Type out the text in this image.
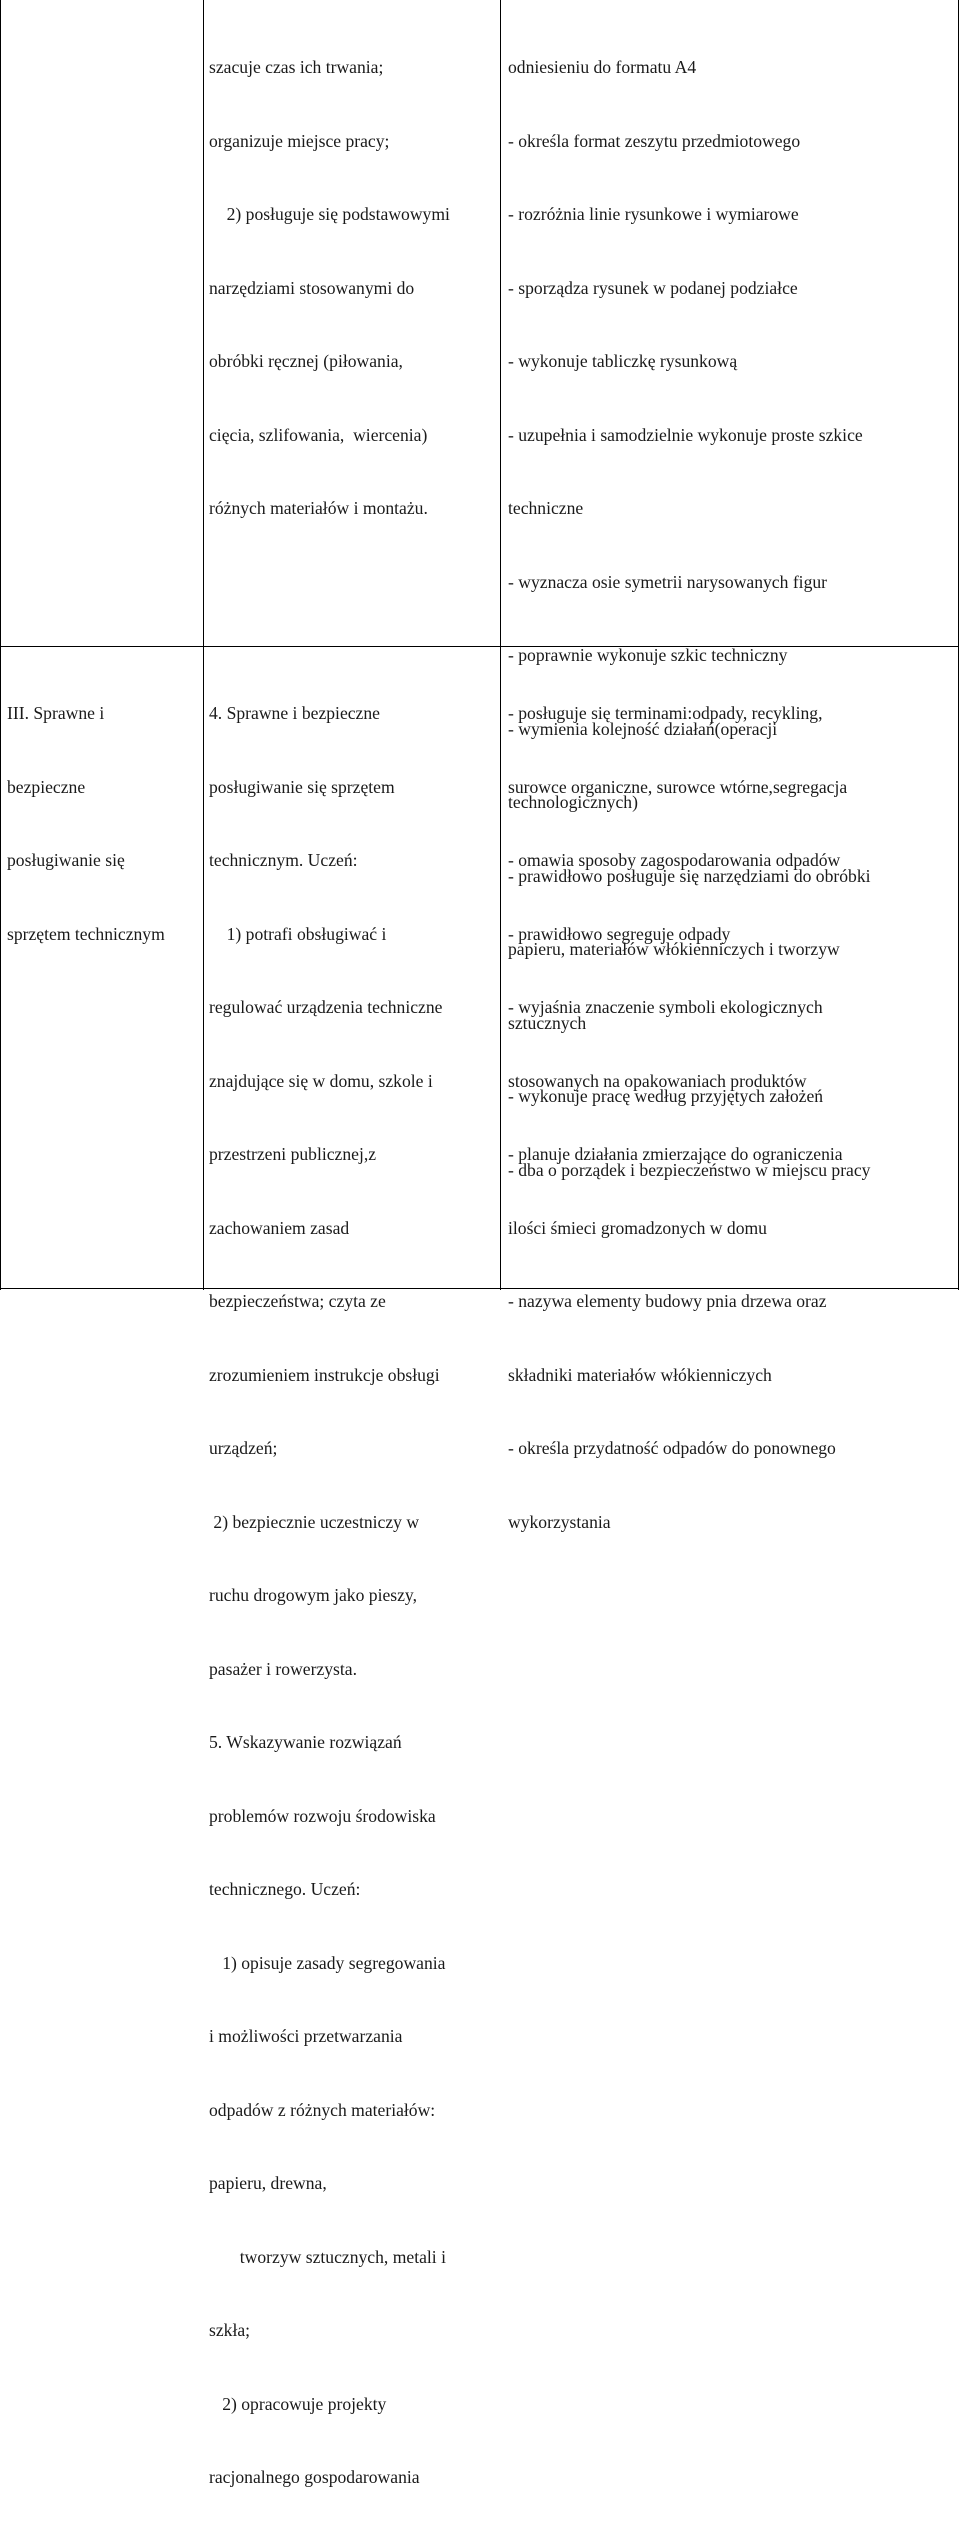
szacuje czas ich trwania;

organizuje miejsce pracy;

2) posługuje się podstawowymi

narzędziami stosowanymi do

obróbki ręcznej (piłowania,

cięcia, szlifowania,  wiercenia)

różnych materiałów i montażu.

odniesieniu do formatu A4

- określa format zeszytu przedmiotowego

- rozróżnia linie rysunkowe i wymiarowe

- sporządza rysunek w podanej podziałce

- wykonuje tabliczkę rysunkową

- uzupełnia i samodzielnie wykonuje proste szkice

techniczne

- wyznacza osie symetrii narysowanych figur

- poprawnie wykonuje szkic techniczny

- wymienia kolejność działań(operacji

technologicznych)

- prawidłowo posługuje się narzędziami do obróbki

papieru, materiałów włókienniczych i tworzyw

sztucznych

- wykonuje pracę według przyjętych założeń

- dba o porządek i bezpieczeństwo w miejscu pracy

III. Sprawne i

bezpieczne

posługiwanie się

sprzętem technicznym

4. Sprawne i bezpieczne

posługiwanie się sprzętem

technicznym. Uczeń:

1) potrafi obsługiwać i

regulować urządzenia techniczne

znajdujące się w domu, szkole i

przestrzeni publicznej,z

zachowaniem zasad

bezpieczeństwa; czyta ze

zrozumieniem instrukcje obsługi

urządzeń;

2) bezpiecznie uczestniczy w

ruchu drogowym jako pieszy,

pasażer i rowerzysta.

5. Wskazywanie rozwiązań

problemów rozwoju środowiska

technicznego. Uczeń:

1) opisuje zasady segregowania

i możliwości przetwarzania

odpadów z różnych materiałów:

papieru, drewna,

tworzyw sztucznych, metali i

szkła;

2) opracowuje projekty

racjonalnego gospodarowania

- posługuje się terminami:odpady, recykling,

surowce organiczne, surowce wtórne,segregacja

- omawia sposoby zagospodarowania odpadów

- prawidłowo segreguje odpady

- wyjaśnia znaczenie symboli ekologicznych

stosowanych na opakowaniach produktów

- planuje działania zmierzające do ograniczenia

ilości śmieci gromadzonych w domu

- nazywa elementy budowy pnia drzewa oraz

składniki materiałów włókienniczych

- określa przydatność odpadów do ponownego

wykorzystania
